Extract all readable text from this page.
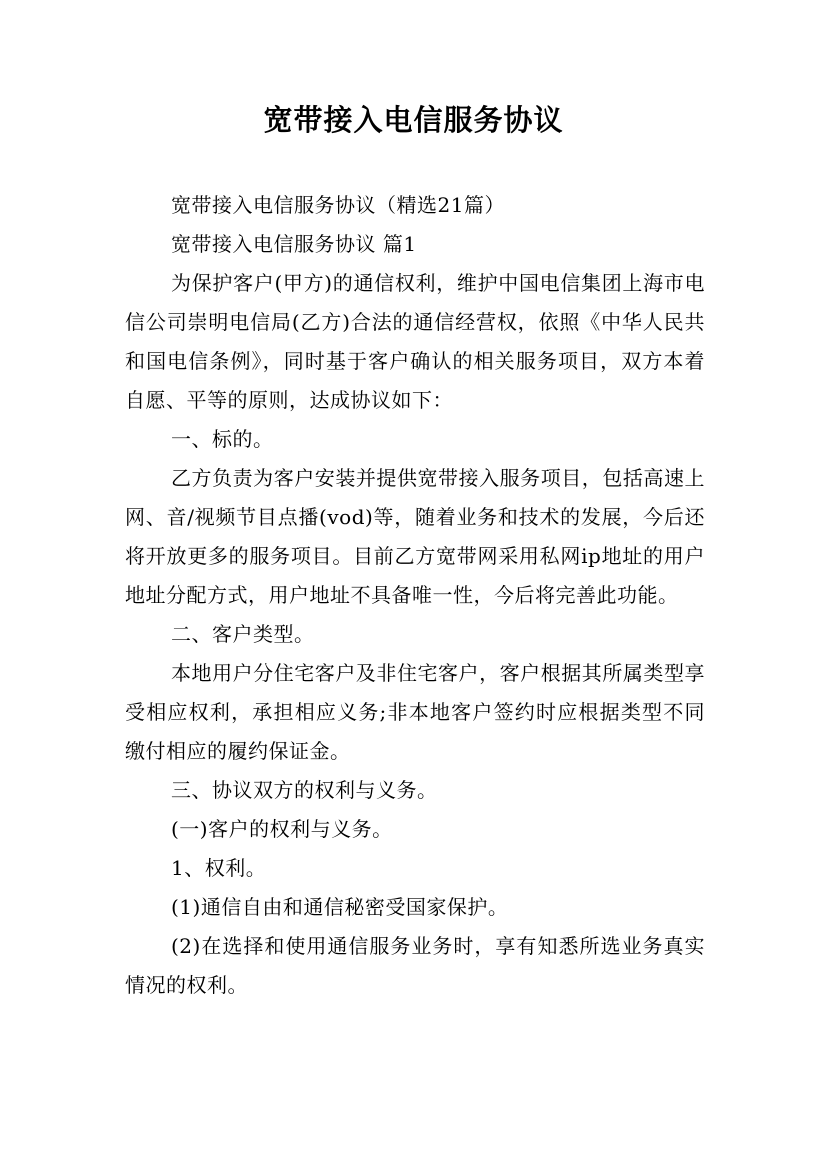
宽带接入电信服务协议

宽带接入电信服务协议（精选21篇）

宽带接入电信服务协议 篇1

为保护客户(甲方)的通信权利，维护中国电信集团上海市电信公司崇明电信局(乙方)合法的通信经营权，依照《中华人民共和国电信条例》，同时基于客户确认的相关服务项目，双方本着自愿、平等的原则，达成协议如下：

一、标的。

乙方负责为客户安装并提供宽带接入服务项目，包括高速上网、音/视频节目点播(vod)等，随着业务和技术的发展，今后还将开放更多的服务项目。目前乙方宽带网采用私网ip地址的用户地址分配方式，用户地址不具备唯一性，今后将完善此功能。

二、客户类型。

本地用户分住宅客户及非住宅客户，客户根据其所属类型享受相应权利，承担相应义务;非本地客户签约时应根据类型不同缴付相应的履约保证金。

三、协议双方的权利与义务。

(一)客户的权利与义务。

1、权利。

(1)通信自由和通信秘密受国家保护。

(2)在选择和使用通信服务业务时，享有知悉所选业务真实情况的权利。
